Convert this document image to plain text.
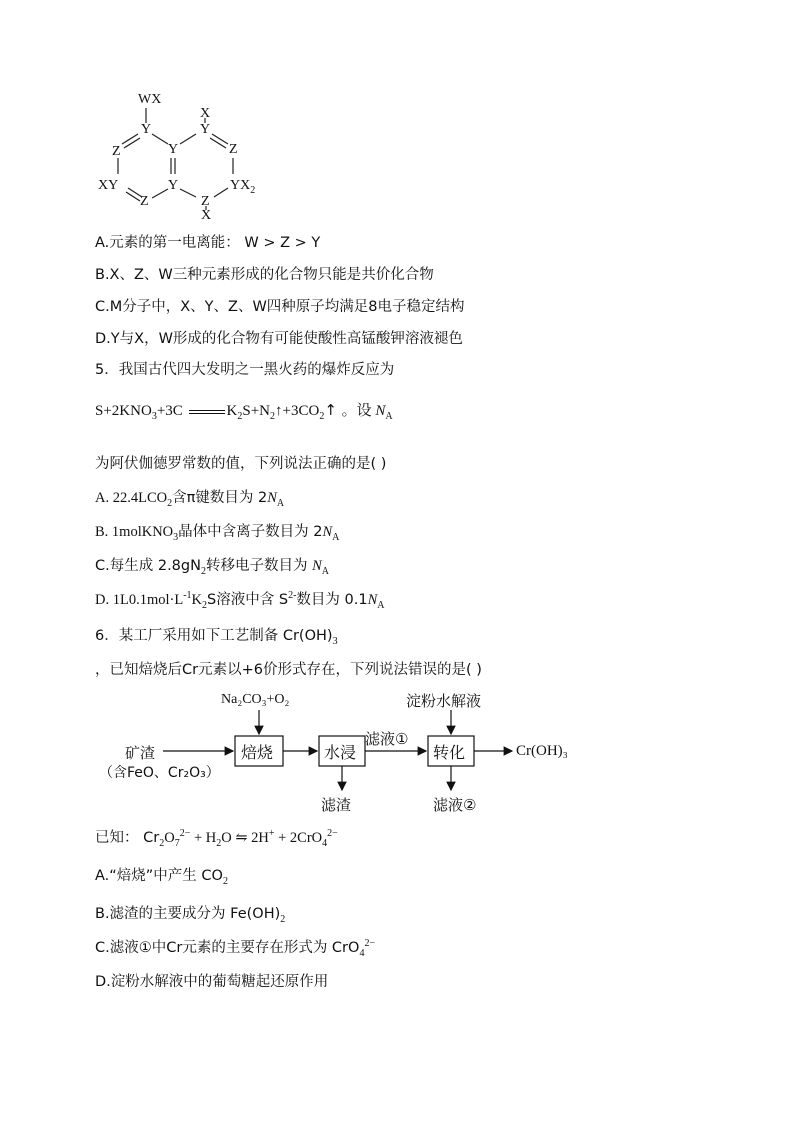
WX
Y
X
Y
Z	Y	Z
XY
Z
Y
Z
$YX_2$
X
A.元素的第一电离能： W > Z > Y
B.X、Z、W三种元素形成的化合物只能是共价化合物
C.M分子中，X、Y、Z、W四种原子均满足8电子稳定结构
D.Y与X，W形成的化合物有可能使酸性高锰酸钾溶液褪色
5．我国古代四大发明之一黑火药的爆炸反应为
$S+2KNO_3+3C$	$K_2S+N_2↑+3CO_2↑$ 。设 $N_A$
为阿伏伽德罗常数的值，下列说法正确的是( )
A. $22.4LCO_2$含π键数目为 $2N_A$
B. 1molKNO$_3$晶体中含离子数目为 $2N_A$
C.每生成 $2.8gN_2$转移电子数目为 $N_A$
D. $1L0.1mol\cdot L^{-1}K_2S$溶液中含 $S^{2-}$数目为 $0.1N_A$
6．某工厂采用如下工艺制备 $Cr(OH)_3$
，已知焙烧后Cr元素以+6价形式存在，下列说法错误的是( )
Na₂CO₃+O₂	淀粉水解液
矿渣
（含FeO、Cr₂O₃）
焙烧	水浸	转化
滤液①
滤渣	滤液②
Cr(OH)₃
已知： $Cr_2O_7^{2-} + H_2O$ ⇋ 2H+ + 2CrO$_4^{2-}$
A.“焙烧”中产生 $CO_2$
B.滤渣的主要成分为 $Fe(OH)_2$
C.滤液①中Cr元素的主要存在形式为 CrO$_4^{2-}$
D.淀粉水解液中的葡萄糖起还原作用
